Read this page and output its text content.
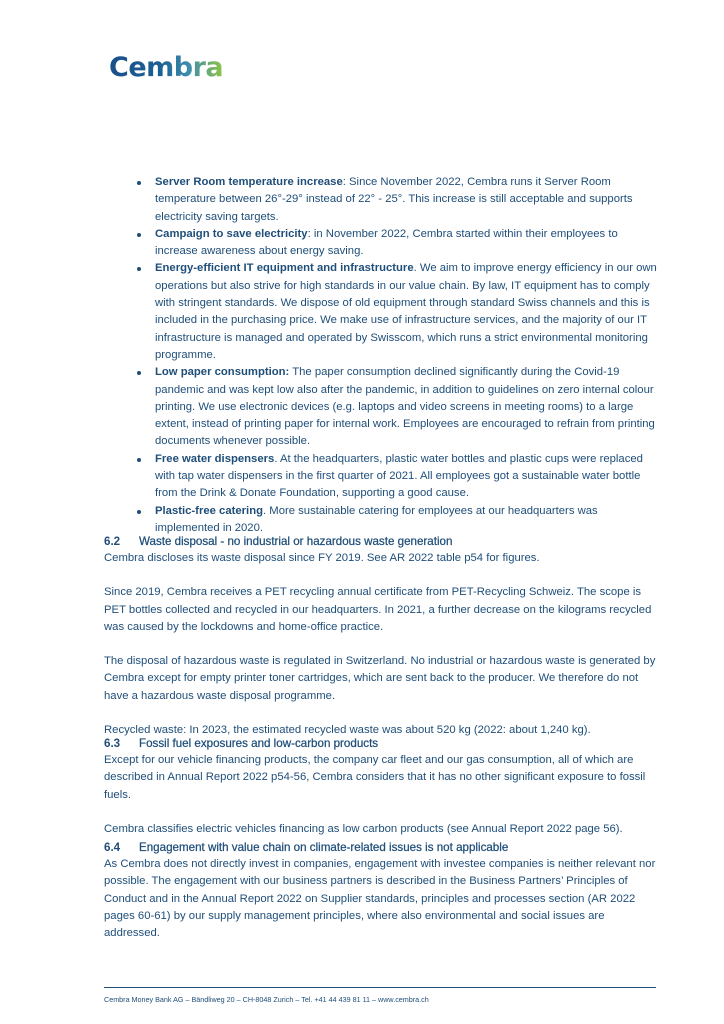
Cembra
Server Room temperature increase: Since November 2022, Cembra runs it Server Room temperature between 26°-29° instead of 22° - 25°. This increase is still acceptable and supports electricity saving targets.
Campaign to save electricity: in November 2022, Cembra started within their employees to increase awareness about energy saving.
Energy-efficient IT equipment and infrastructure. We aim to improve energy efficiency in our own operations but also strive for high standards in our value chain. By law, IT equipment has to comply with stringent standards. We dispose of old equipment through standard Swiss channels and this is included in the purchasing price. We make use of infrastructure services, and the majority of our IT infrastructure is managed and operated by Swisscom, which runs a strict environmental monitoring programme.
Low paper consumption: The paper consumption declined significantly during the Covid-19 pandemic and was kept low also after the pandemic, in addition to guidelines on zero internal colour printing. We use electronic devices (e.g. laptops and video screens in meeting rooms) to a large extent, instead of printing paper for internal work. Employees are encouraged to refrain from printing documents whenever possible.
Free water dispensers. At the headquarters, plastic water bottles and plastic cups were replaced with tap water dispensers in the first quarter of 2021. All employees got a sustainable water bottle from the Drink & Donate Foundation, supporting a good cause.
Plastic-free catering. More sustainable catering for employees at our headquarters was implemented in 2020.
6.2 Waste disposal - no industrial or hazardous waste generation

Cembra discloses its waste disposal since FY 2019. See AR 2022 table p54 for figures.

Since 2019, Cembra receives a PET recycling annual certificate from PET-Recycling Schweiz. The scope is PET bottles collected and recycled in our headquarters. In 2021, a further decrease on the kilograms recycled was caused by the lockdowns and home-office practice.

The disposal of hazardous waste is regulated in Switzerland. No industrial or hazardous waste is generated by Cembra except for empty printer toner cartridges, which are sent back to the producer. We therefore do not have a hazardous waste disposal programme.

Recycled waste: In 2023, the estimated recycled waste was about 520 kg (2022: about 1,240 kg).

6.3 Fossil fuel exposures and low-carbon products

Except for our vehicle financing products, the company car fleet and our gas consumption, all of which are described in Annual Report 2022 p54-56, Cembra considers that it has no other significant exposure to fossil fuels.

Cembra classifies electric vehicles financing as low carbon products (see Annual Report 2022 page 56).

6.4 Engagement with value chain on climate-related issues is not applicable

As Cembra does not directly invest in companies, engagement with investee companies is neither relevant nor possible. The engagement with our business partners is described in the Business Partners’ Principles of Conduct and in the Annual Report 2022 on Supplier standards, principles and processes section (AR 2022 pages 60-61) by our supply management principles, where also environmental and social issues are addressed.

Cembra Money Bank AG – Bändliweg 20 – CH-8048 Zurich – Tel. +41 44 439 81 11 – www.cembra.ch
